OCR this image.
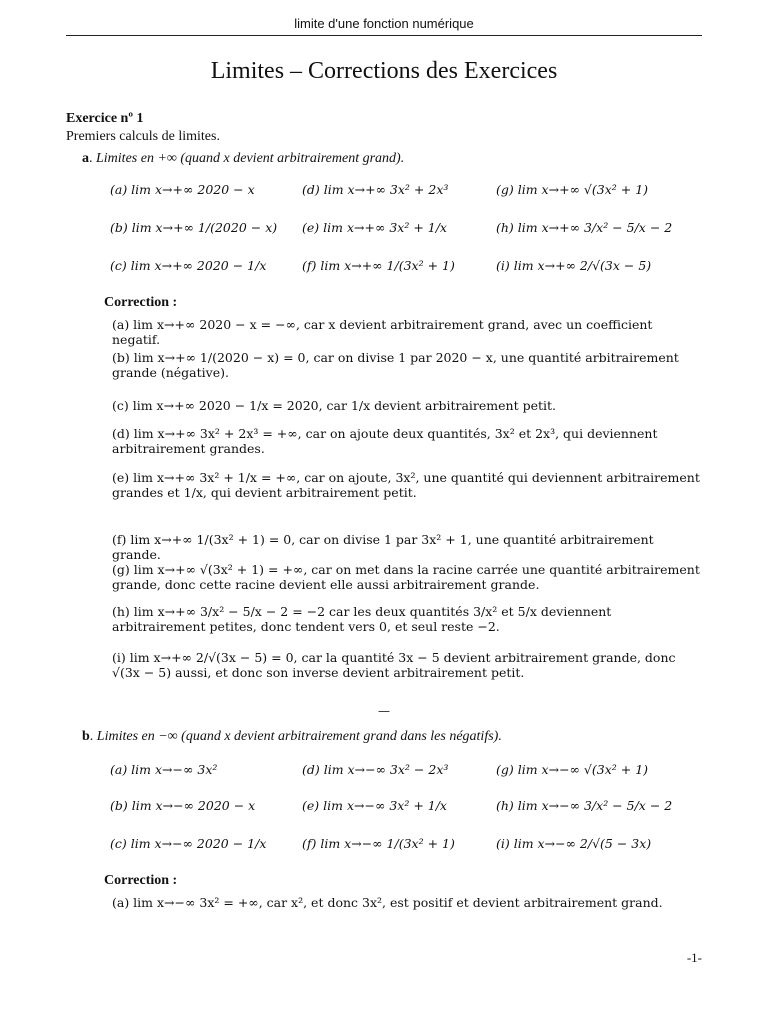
limite d'une fonction numérique
Limites – Corrections des Exercices
Exercice nº 1
Premiers calculs de limites.
a. Limites en +∞ (quand x devient arbitrairement grand).
(a) lim x→+∞ 2020 − x
(b) lim x→+∞ 1/(2020 − x)
(c) lim x→+∞ 2020 − 1/x
(d) lim x→+∞ 3x² + 2x³
(e) lim x→+∞ 3x² + 1/x
(f) lim x→+∞ 1/(3x² + 1)
(g) lim x→+∞ √(3x² + 1)
(h) lim x→+∞ 3/x² − 5/x − 2
(i) lim x→+∞ 2/√(3x − 5)
Correction :
(a) lim x→+∞ 2020 − x = −∞, car x devient arbitrairement grand, avec un coefficient negatif.
(b) lim x→+∞ 1/(2020 − x) = 0, car on divise 1 par 2020 − x, une quantité arbitrairement grande (négative).
(c) lim x→+∞ 2020 − 1/x = 2020, car 1/x devient arbitrairement petit.
(d) lim x→+∞ 3x² + 2x³ = +∞, car on ajoute deux quantités, 3x² et 2x³, qui deviennent arbitrairement grandes.
(e) lim x→+∞ 3x² + 1/x = +∞, car on ajoute, 3x², une quantité qui deviennent arbitrairement grandes et 1/x, qui devient arbitrairement petit.
(f) lim x→+∞ 1/(3x² + 1) = 0, car on divise 1 par 3x² + 1, une quantité arbitrairement grande.
(g) lim x→+∞ √(3x² + 1) = +∞, car on met dans la racine carrée une quantité arbitrairement grande, donc cette racine devient elle aussi arbitrairement grande.
(h) lim x→+∞ 3/x² − 5/x − 2 = −2 car les deux quantités 3/x² et 5/x deviennent arbitrairement petites, donc tendent vers 0, et seul reste −2.
(i) lim x→+∞ 2/√(3x − 5) = 0, car la quantité 3x − 5 devient arbitrairement grande, donc √(3x − 5) aussi, et donc son inverse devient arbitrairement petit.
—
b. Limites en −∞ (quand x devient arbitrairement grand dans les négatifs).
(a) lim x→−∞ 3x²
(b) lim x→−∞ 2020 − x
(c) lim x→−∞ 2020 − 1/x
(d) lim x→−∞ 3x² − 2x³
(e) lim x→−∞ 3x² + 1/x
(f) lim x→−∞ 1/(3x² + 1)
(g) lim x→−∞ √(3x² + 1)
(h) lim x→−∞ 3/x² − 5/x − 2
(i) lim x→−∞ 2/√(5 − 3x)
Correction :
(a) lim x→−∞ 3x² = +∞, car x², et donc 3x², est positif et devient arbitrairement grand.
-1-
